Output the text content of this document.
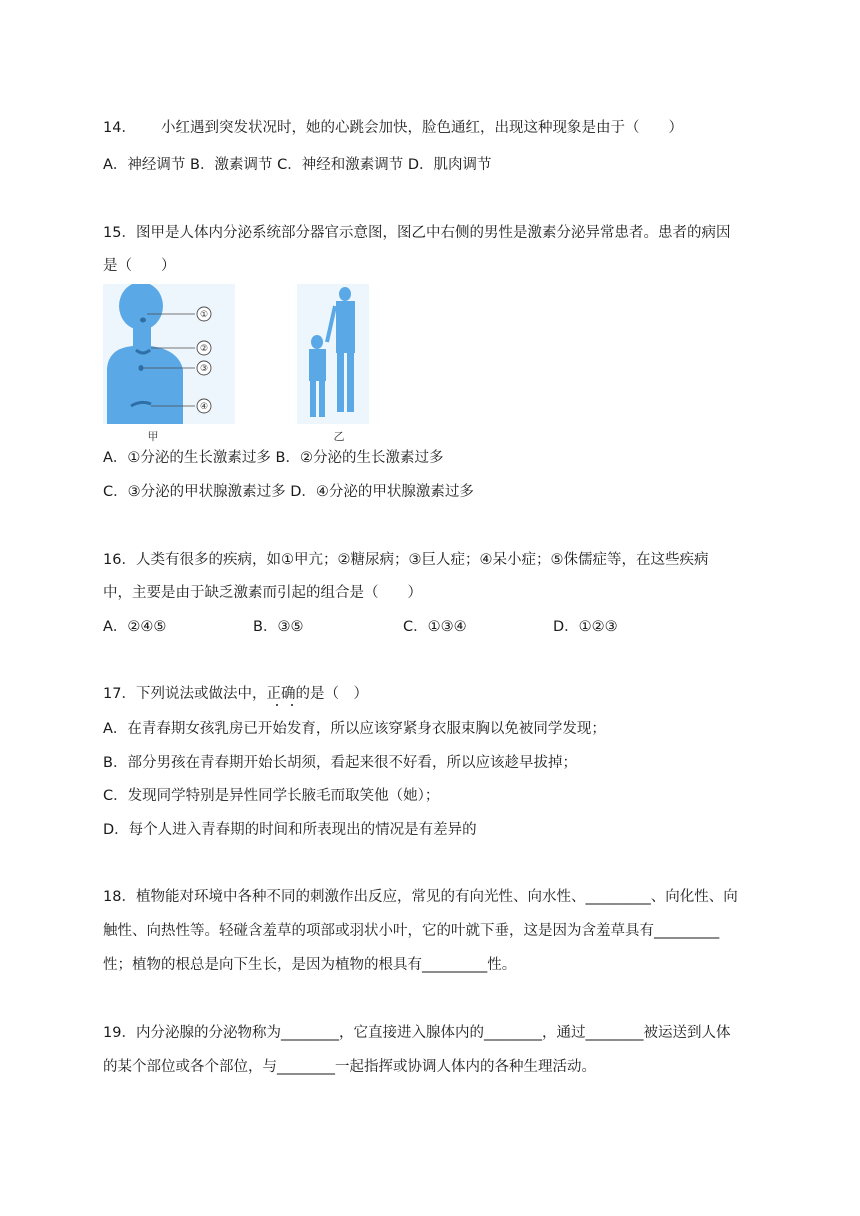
14． 小红遇到突发状况时，她的心跳会加快，脸色通红，出现这种现象是由于（　　）
A．神经调节 B．激素调节 C．神经和激素调节 D．肌肉调节
15．图甲是人体内分泌系统部分器官示意图，图乙中右侧的男性是激素分泌异常患者。患者的病因
是（　　）
①
②
③
④
甲	乙
A．①分泌的生长激素过多 B．②分泌的生长激素过多
C．③分泌的甲状腺激素过多 D．④分泌的甲状腺激素过多
16．人类有很多的疾病，如①甲亢；②糖尿病；③巨人症；④呆小症；⑤侏儒症等，在这些疾病
中，主要是由于缺乏激素而引起的组合是（　　）
A．②④⑤	B．③⑤	C．①③④	D．①②③
17．下列说法或做法中，正确的是（　）
A．在青春期女孩乳房已开始发育，所以应该穿紧身衣服束胸以免被同学发现；
B．部分男孩在青春期开始长胡须，看起来很不好看，所以应该趁早拔掉；
C．发现同学特别是异性同学长腋毛而取笑他（她）；
D．每个人进入青春期的时间和所表现出的情况是有差异的
18．植物能对环境中各种不同的刺激作出反应，常见的有向光性、向水性、_________、向化性、向
触性、向热性等。轻碰含羞草的项部或羽状小叶，它的叶就下垂，这是因为含羞草具有_________
性；植物的根总是向下生长，是因为植物的根具有_________性。
19．内分泌腺的分泌物称为________，它直接进入腺体内的________，通过________被运送到人体
的某个部位或各个部位，与________一起指挥或协调人体内的各种生理活动。
